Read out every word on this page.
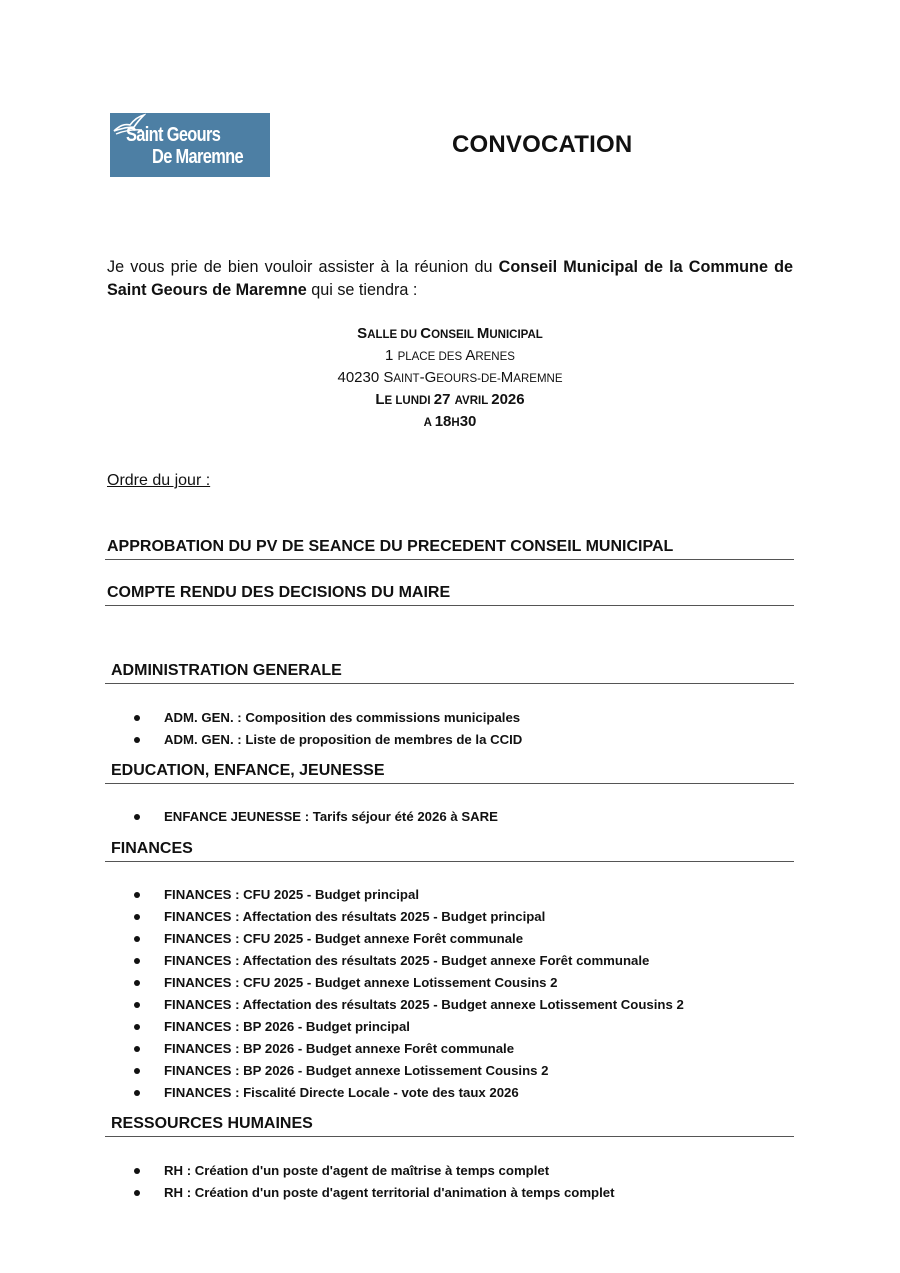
Saint Geours
De Maremne	CONVOCATION

Je vous prie de bien vouloir assister à la réunion du Conseil Municipal de la Commune de Saint Geours de Maremne qui se tiendra :

SALLE DU CONSEIL MUNICIPAL
1 PLACE DES ARENES
40230 SAINT-GEOURS-DE-MAREMNE
LE LUNDI 27 AVRIL 2026
A 18H30
Ordre du jour :
APPROBATION DU PV DE SEANCE DU PRECEDENT CONSEIL MUNICIPAL
COMPTE RENDU DES DECISIONS DU MAIRE
ADMINISTRATION GENERALE
ADM. GEN. : Composition des commissions municipales
ADM. GEN. : Liste de proposition de membres de la CCID
EDUCATION, ENFANCE, JEUNESSE
ENFANCE JEUNESSE : Tarifs séjour été 2026 à SARE
FINANCES
FINANCES : CFU 2025 - Budget principal
FINANCES : Affectation des résultats 2025 - Budget principal
FINANCES : CFU 2025 - Budget annexe Forêt communale
FINANCES : Affectation des résultats 2025 - Budget annexe Forêt communale
FINANCES : CFU 2025 - Budget annexe Lotissement Cousins 2
FINANCES : Affectation des résultats 2025 - Budget annexe Lotissement Cousins 2
FINANCES : BP 2026 - Budget principal
FINANCES : BP 2026 - Budget annexe Forêt communale
FINANCES : BP 2026 - Budget annexe Lotissement Cousins 2
FINANCES : Fiscalité Directe Locale - vote des taux 2026
RESSOURCES HUMAINES
RH : Création d'un poste d'agent de maîtrise à temps complet
RH : Création d'un poste d'agent territorial d'animation à temps complet
